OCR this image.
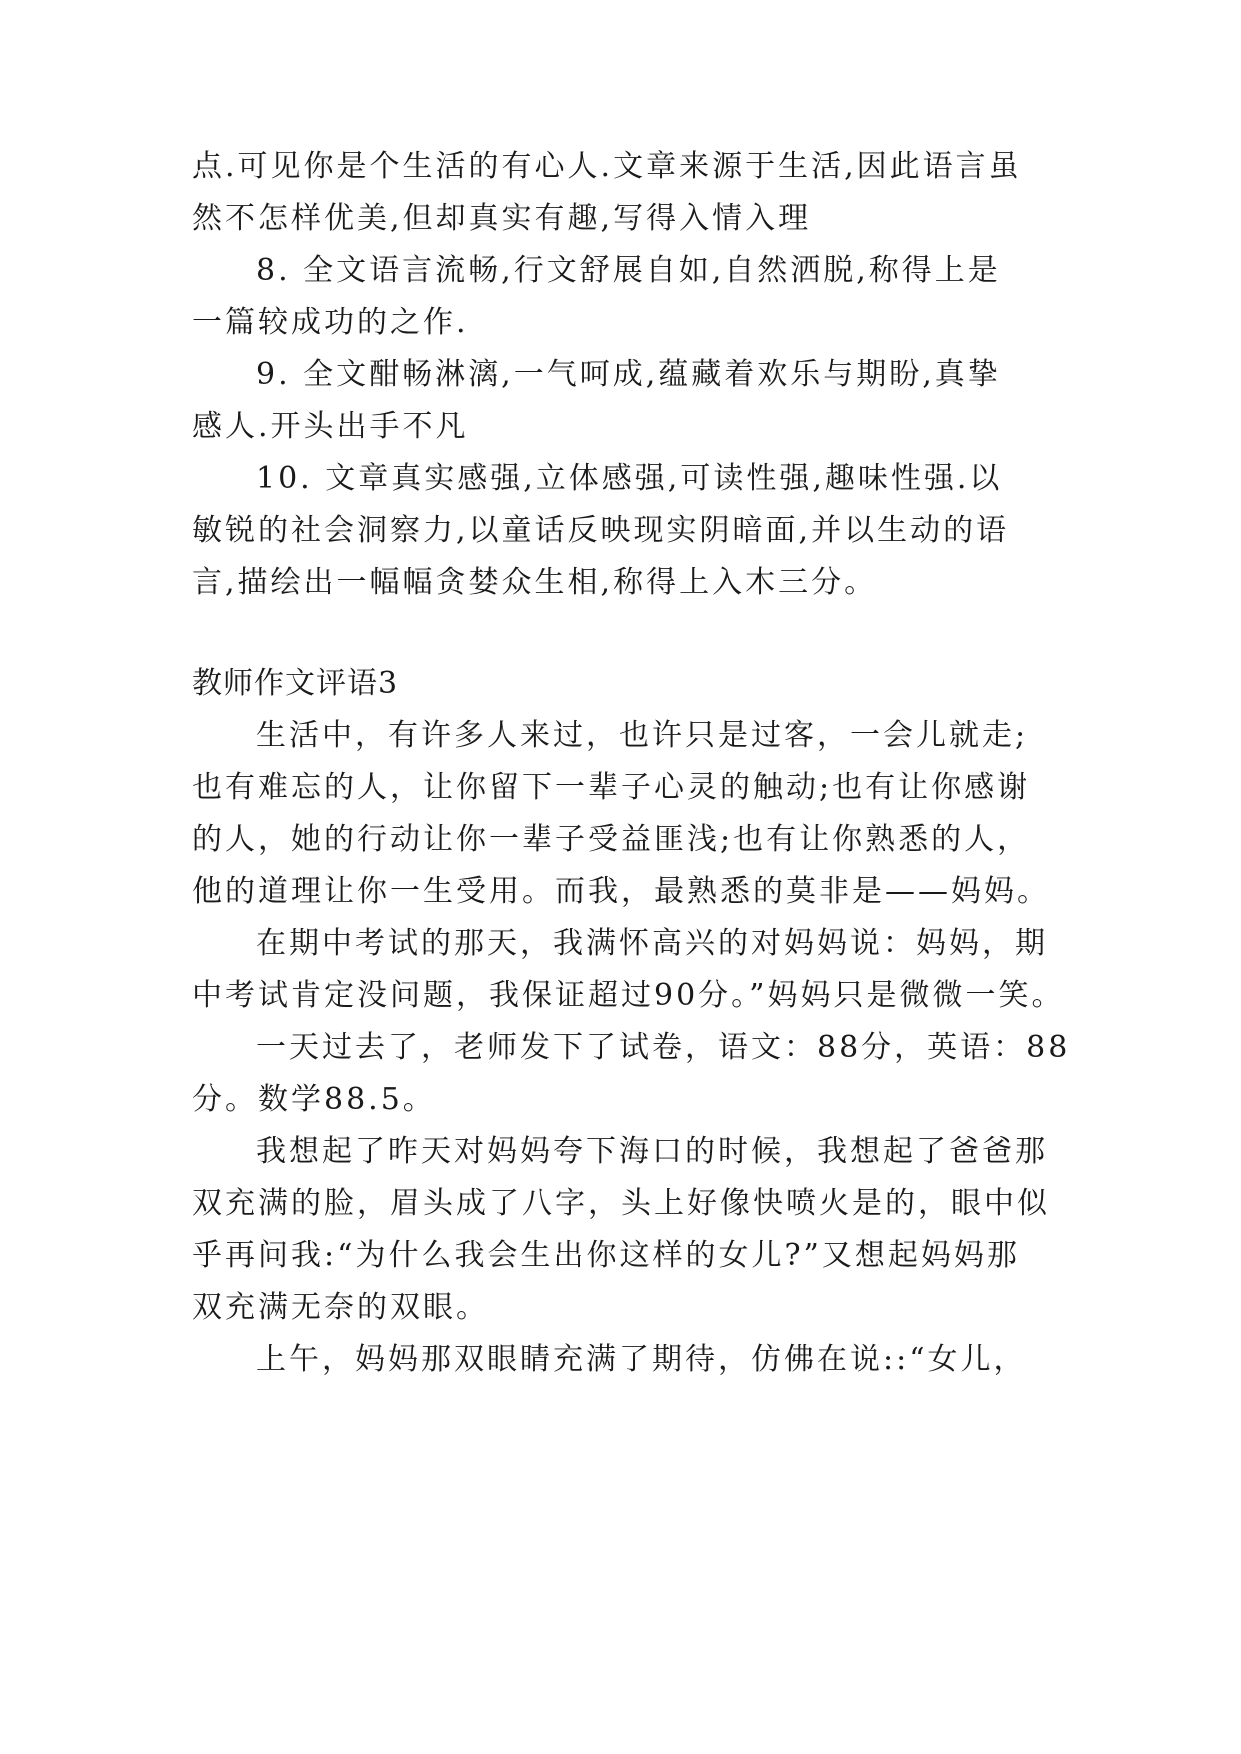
点.可见你是个生活的有心人.文章来源于生活,因此语言虽
然不怎样优美,但却真实有趣,写得入情入理
8. 全文语言流畅,行文舒展自如,自然洒脱,称得上是
一篇较成功的之作.
9. 全文酣畅淋漓,一气呵成,蕴藏着欢乐与期盼,真挚
感人.开头出手不凡
10. 文章真实感强,立体感强,可读性强,趣味性强.以
敏锐的社会洞察力,以童话反映现实阴暗面,并以生动的语
言,描绘出一幅幅贪婪众生相,称得上入木三分。
教师作文评语3
生活中，有许多人来过，也许只是过客，一会儿就走;
也有难忘的人，让你留下一辈子心灵的触动;也有让你感谢
的人，她的行动让你一辈子受益匪浅;也有让你熟悉的人，
他的道理让你一生受用。而我，最熟悉的莫非是——妈妈。
在期中考试的那天，我满怀高兴的对妈妈说：妈妈，期
中考试肯定没问题，我保证超过90分。”妈妈只是微微一笑。
一天过去了，老师发下了试卷，语文：88分，英语：88
分。数学88.5。
我想起了昨天对妈妈夸下海口的时候，我想起了爸爸那
双充满的脸，眉头成了八字，头上好像快喷火是的，眼中似
乎再问我:“为什么我会生出你这样的女儿?”又想起妈妈那
双充满无奈的双眼。
上午，妈妈那双眼睛充满了期待，仿佛在说::“女儿，
